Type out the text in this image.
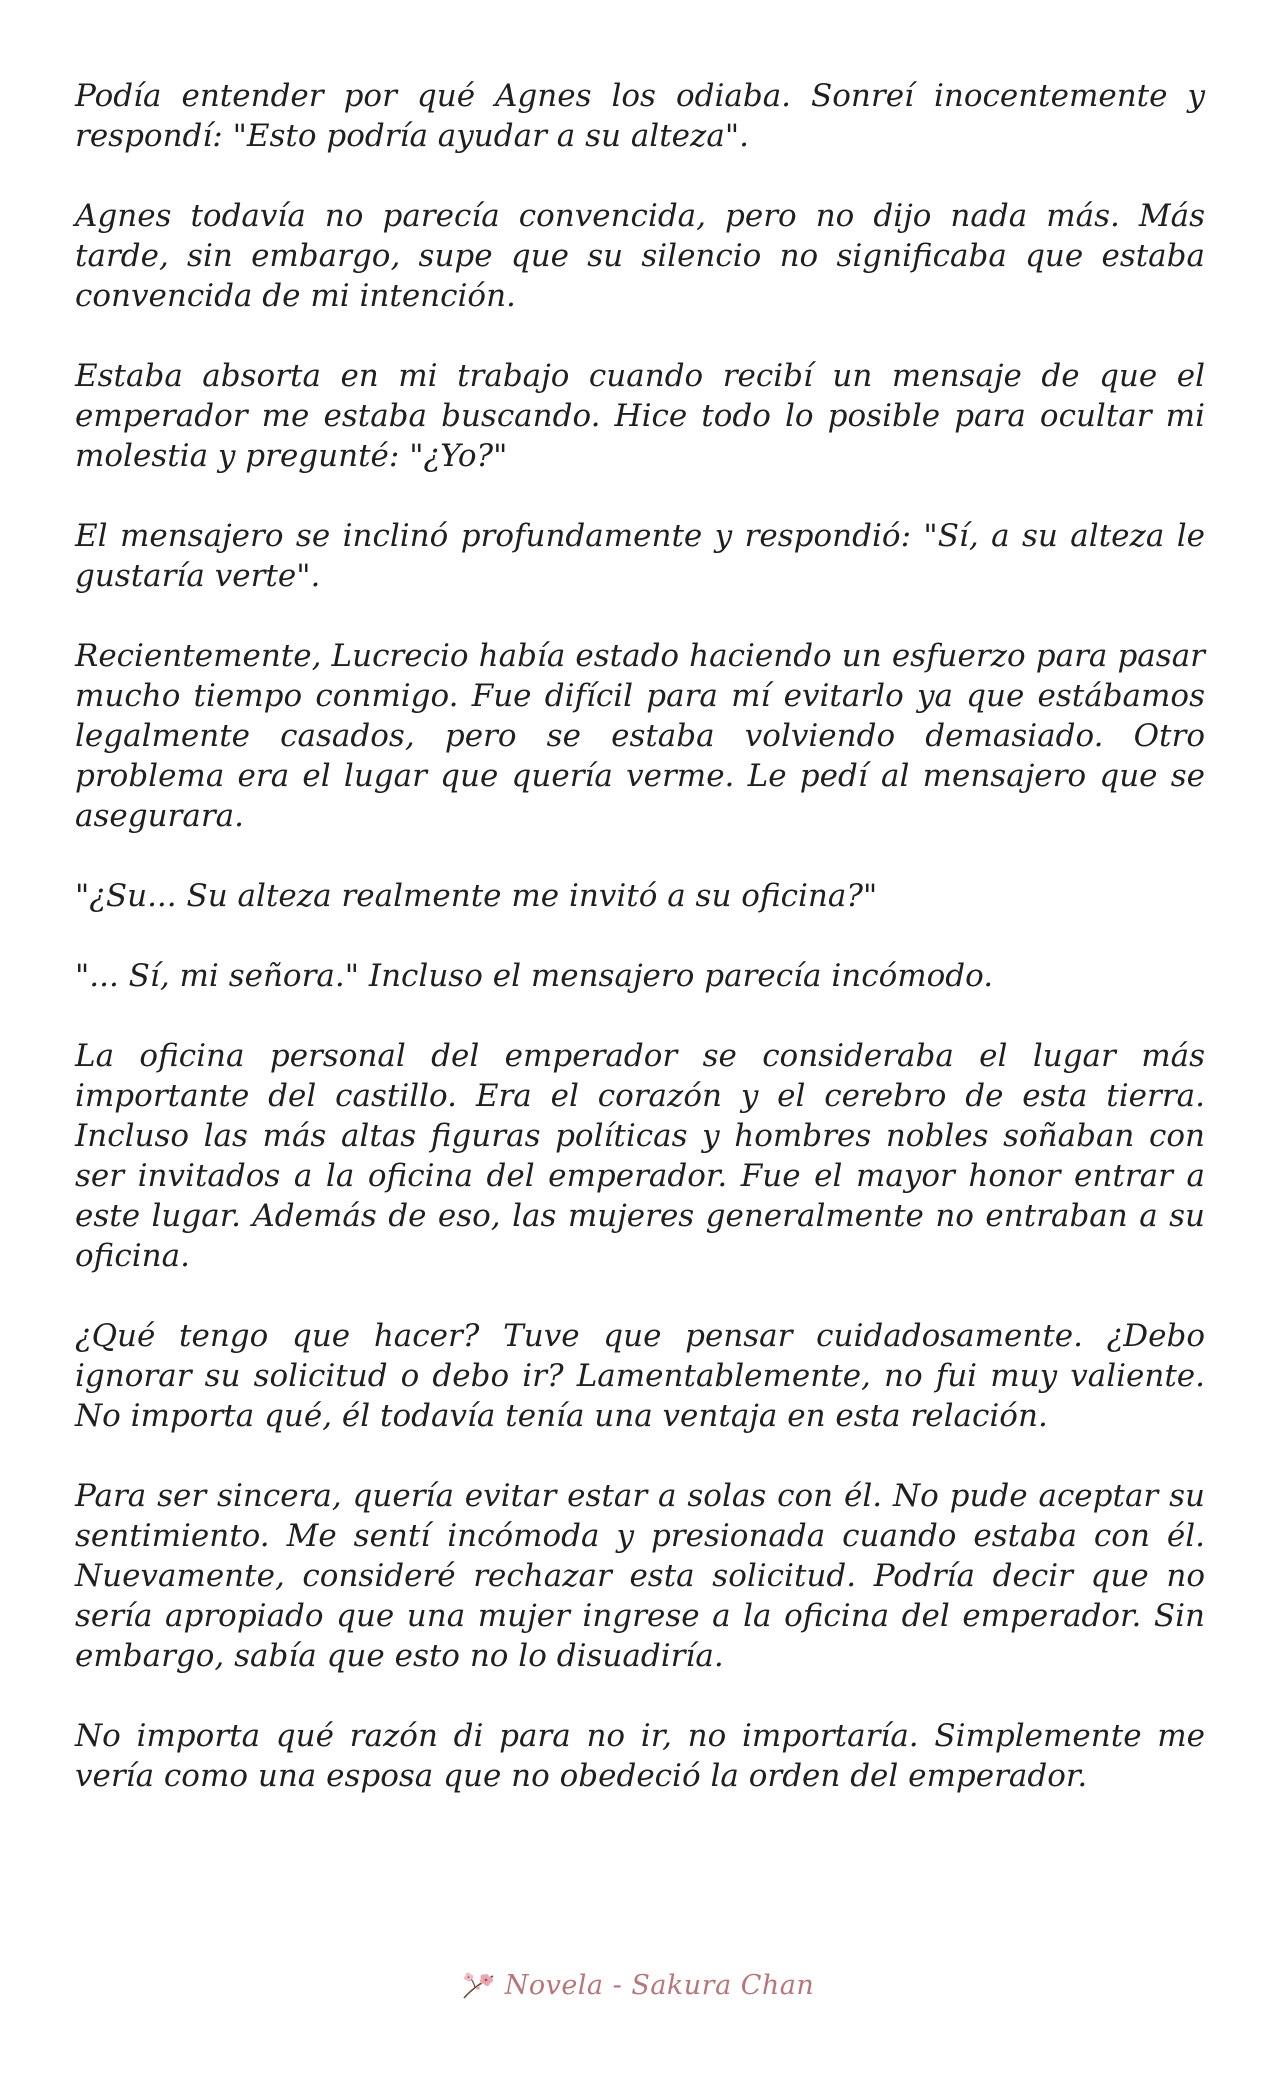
Podía entender por qué Agnes los odiaba. Sonreí inocentemente y respondí: "Esto podría ayudar a su alteza".

Agnes todavía no parecía convencida, pero no dijo nada más. Más tarde, sin embargo, supe que su silencio no significaba que estaba convencida de mi intención.

Estaba absorta en mi trabajo cuando recibí un mensaje de que el emperador me estaba buscando. Hice todo lo posible para ocultar mi molestia y pregunté: "¿Yo?"

El mensajero se inclinó profundamente y respondió: "Sí, a su alteza le gustaría verte".

Recientemente, Lucrecio había estado haciendo un esfuerzo para pasar mucho tiempo conmigo. Fue difícil para mí evitarlo ya que estábamos legalmente casados, pero se estaba volviendo demasiado. Otro problema era el lugar que quería verme. Le pedí al mensajero que se asegurara.

"¿Su... Su alteza realmente me invitó a su oficina?"

"... Sí, mi señora." Incluso el mensajero parecía incómodo.

La oficina personal del emperador se consideraba el lugar más importante del castillo. Era el corazón y el cerebro de esta tierra. Incluso las más altas figuras políticas y hombres nobles soñaban con ser invitados a la oficina del emperador. Fue el mayor honor entrar a este lugar. Además de eso, las mujeres generalmente no entraban a su oficina.

¿Qué tengo que hacer? Tuve que pensar cuidadosamente. ¿Debo ignorar su solicitud o debo ir? Lamentablemente, no fui muy valiente. No importa qué, él todavía tenía una ventaja en esta relación.

Para ser sincera, quería evitar estar a solas con él. No pude aceptar su sentimiento. Me sentí incómoda y presionada cuando estaba con él. Nuevamente, consideré rechazar esta solicitud. Podría decir que no sería apropiado que una mujer ingrese a la oficina del emperador. Sin embargo, sabía que esto no lo disuadiría.

No importa qué razón di para no ir, no importaría. Simplemente me vería como una esposa que no obedeció la orden del emperador.

Novela - Sakura Chan
